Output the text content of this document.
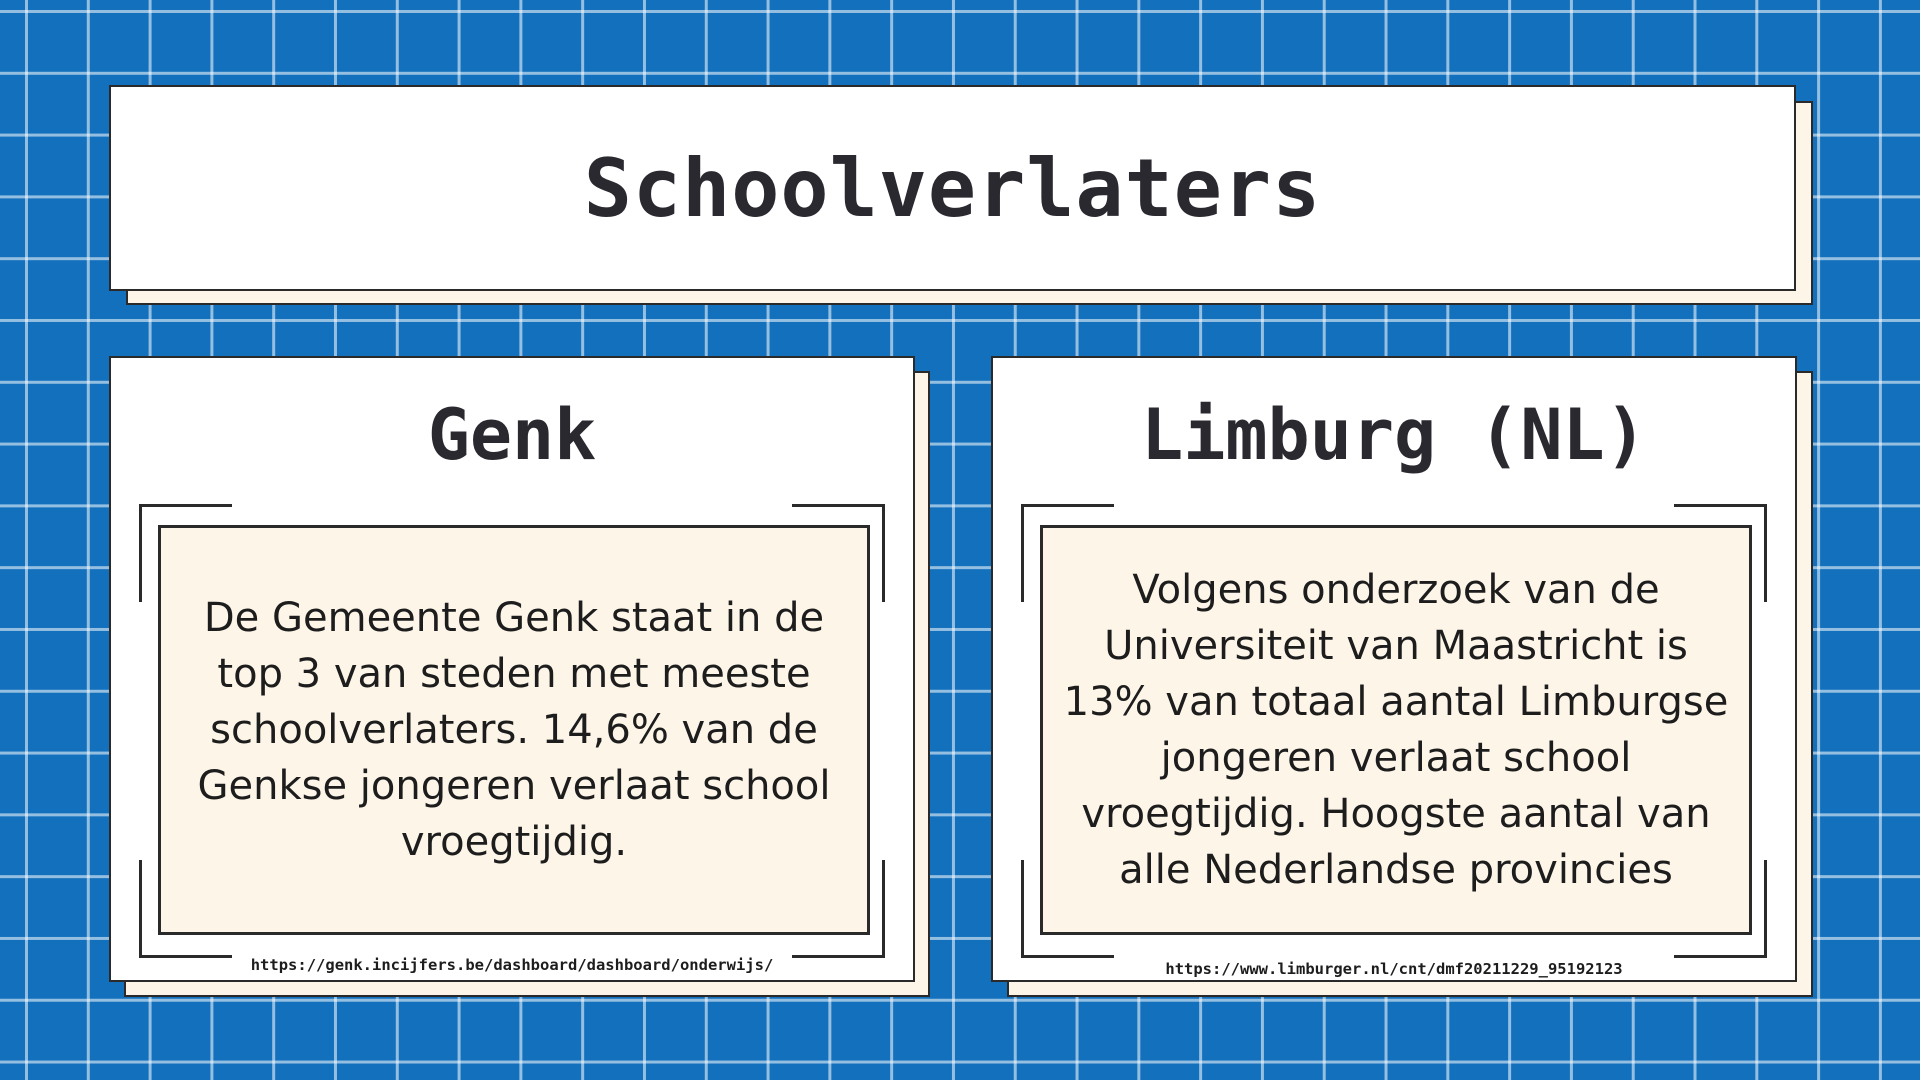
Schoolverlaters
Genk

De Gemeente Genk staat in de top 3 van steden met meeste schoolverlaters. 14,6% van de Genkse jongeren verlaat school vroegtijdig.

https://genk.incijfers.be/dashboard/dashboard/onderwijs/
Limburg (NL)

Volgens onderzoek van de Universiteit van Maastricht is 13% van totaal aantal Limburgse jongeren verlaat school vroegtijdig. Hoogste aantal van alle Nederlandse provincies

https://www.limburger.nl/cnt/dmf20211229_95192123
